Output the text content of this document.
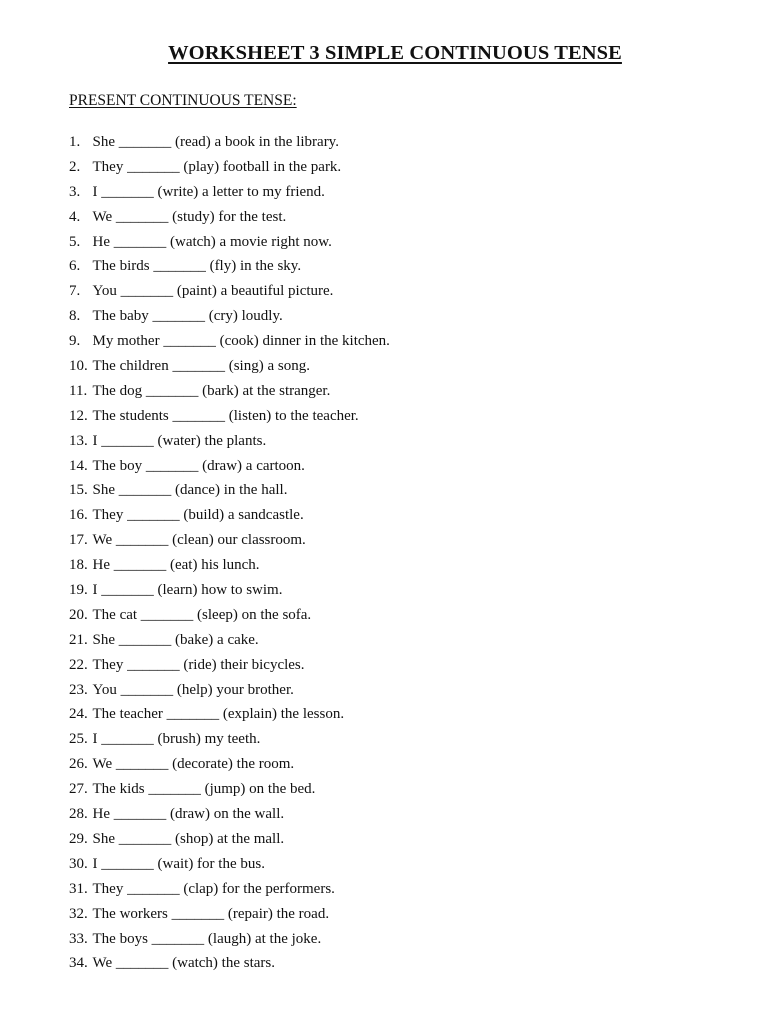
WORKSHEET 3 SIMPLE CONTINUOUS TENSE
PRESENT CONTINUOUS TENSE:
1. She _______ (read) a book in the library.
2. They _______ (play) football in the park.
3. I _______ (write) a letter to my friend.
4. We _______ (study) for the test.
5. He _______ (watch) a movie right now.
6. The birds _______ (fly) in the sky.
7. You _______ (paint) a beautiful picture.
8. The baby _______ (cry) loudly.
9. My mother _______ (cook) dinner in the kitchen.
10. The children _______ (sing) a song.
11. The dog _______ (bark) at the stranger.
12. The students _______ (listen) to the teacher.
13. I _______ (water) the plants.
14. The boy _______ (draw) a cartoon.
15. She _______ (dance) in the hall.
16. They _______ (build) a sandcastle.
17. We _______ (clean) our classroom.
18. He _______ (eat) his lunch.
19. I _______ (learn) how to swim.
20. The cat _______ (sleep) on the sofa.
21. She _______ (bake) a cake.
22. They _______ (ride) their bicycles.
23. You _______ (help) your brother.
24. The teacher _______ (explain) the lesson.
25. I _______ (brush) my teeth.
26. We _______ (decorate) the room.
27. The kids _______ (jump) on the bed.
28. He _______ (draw) on the wall.
29. She _______ (shop) at the mall.
30. I _______ (wait) for the bus.
31. They _______ (clap) for the performers.
32. The workers _______ (repair) the road.
33. The boys _______ (laugh) at the joke.
34. We _______ (watch) the stars.
